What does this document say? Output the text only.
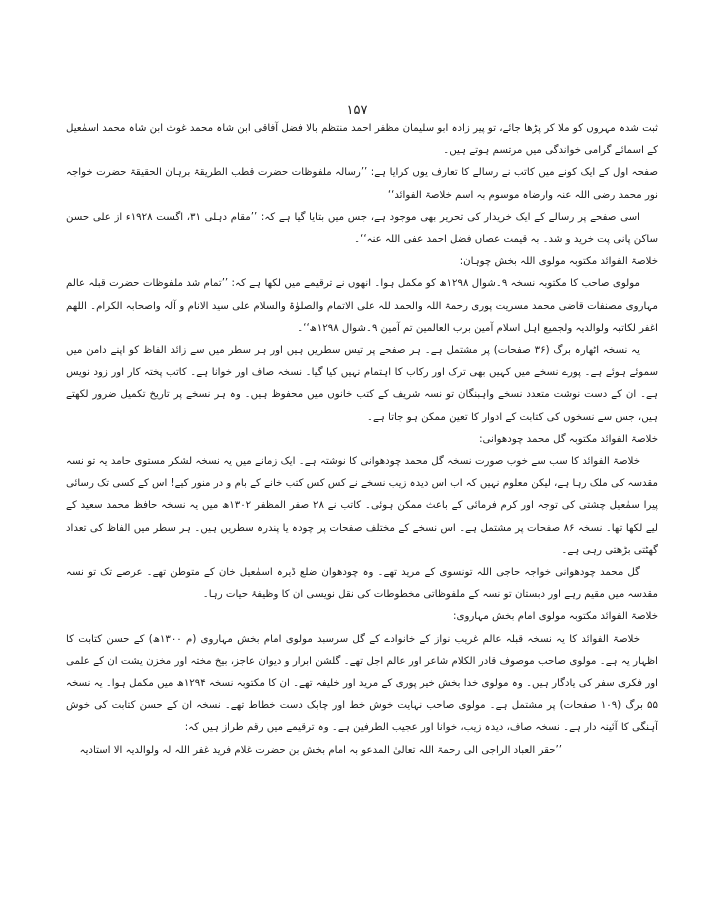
۱۵۷

ثبت شدہ مہروں کو ملا کر پڑھا جائے، تو پیر زادہ ابو سلیمان مظفر احمد منتظم بالا فضل آفاقی ابن شاہ محمد غوث ابن شاہ محمد اسمٰعیل کے اسمائے گرامی خواندگی میں مرتسم ہوتے ہیں۔

صفحہ اول کے ایک کونے میں کاتب نے رسالے کا تعارف یوں کرایا ہے: ’’رسالہ ملفوظات حضرت قطب الطریقۃ برہان الحقیقۃ حضرت خواجہ نور محمد رضی اللہ عنہ وارضاہ موسوم بہ اسم خلاصۃ الفوائد‘‘

اسی صفحے پر رسالے کے ایک خریدار کی تحریر بھی موجود ہے، جس میں بتایا گیا ہے کہ: ’’مقام دہلی ۳۱، اگست ۱۹۲۸ء از علی حسن ساکن پانی پت خرید و شد۔ بہ قیمت عصاں فضل احمد عفی اللہ عنہ‘‘۔

خلاصۃ الفوائد مکتوبہ مولوی اللہ بخش چوہان:

مولوی صاحب کا مکتوبہ نسخہ ۹۔شوال ۱۲۹۸ھ کو مکمل ہوا۔ انھوں نے ترقیمے میں لکھا ہے کہ: ’’تمام شد ملفوظات حضرت قبلہ عالم مہاروی مصنفات قاضی محمد مسریت پوری رحمۃ اللہ والحمد للہ علی الاتمام والصلوٰۃ والسلام علی سید الانام و آلہ واصحابہ الکرام۔ اللھم اغفر لکاتبہ ولوالدیہ ولجمیع اہل اسلام آمین برب العالمین تم آمین ۹۔شوال ۱۲۹۸ھ‘‘۔

یہ نسخہ اٹھارہ برگ (۳۶ صفحات) پر مشتمل ہے۔ ہر صفحے پر تیس سطریں ہیں اور ہر سطر میں سے زائد الفاظ کو اپنے دامن میں سموئے ہوئے ہے۔ پورے نسخے میں کہیں بھی ترک اور رکاب کا اہتمام نہیں کیا گیا۔ نسخہ صاف اور خوانا ہے۔ کاتب پختہ کار اور زود نویس ہے۔ ان کے دست نوشت متعدد نسخے واہبنگان تو نسہ شریف کے کتب خانوں میں محفوظ ہیں۔ وہ ہر نسخے پر تاریخ تکمیل ضرور لکھتے ہیں، جس سے نسخوں کی کتابت کے ادوار کا تعین ممکن ہو جاتا ہے۔

خلاصۃ الفوائد مکتوبہ گل محمد چودھوانی:

خلاصۃ الفوائد کا سب سے خوب صورت نسخہ گل محمد چودھوانی کا نوشتہ ہے۔ ایک زمانے میں یہ نسخہ لشکر مستوی حامد یہ تو نسہ مقدسہ کی ملک رہا ہے، لیکن معلوم نہیں کہ اب اس دیدہ زیب نسخے نے کس کس کتب خانے کے بام و در منور کیے! اس کے کسی تک رسائی پیرا سمٰعیل چشتی کی توجہ اور کرم فرمائی کے باعث ممکن ہوئی۔ کاتب نے ۲۸ صفر المظفر ۱۳۰۲ھ میں یہ نسخہ حافظ محمد سعید کے لیے لکھا تھا۔ نسخہ ۸۶ صفحات پر مشتمل ہے۔ اس نسخے کے مختلف صفحات پر چودہ یا پندرہ سطریں ہیں۔ ہر سطر میں الفاظ کی تعداد گھٹتی بڑھتی رہی ہے۔

گل محمد چودھوانی خواجہ حاجی اللہ تونسوی کے مرید تھے۔ وہ چودھوان ضلع ڈیرہ اسمٰعیل خان کے متوطن تھے۔ عرصے تک تو نسہ مقدسہ میں مقیم رہے اور دبستان تو نسہ کے ملفوظاتی مخطوطات کی نقل نویسی ان کا وظیفۂ حیات رہا۔

خلاصۃ الفوائد مکتوبہ مولوی امام بخش مہاروی:

خلاصۃ الفوائد کا یہ نسخہ قبلہ عالم غریب نواز کے خانوادے کے گل سرسبد مولوی امام بخش مہاروی (م ۱۳۰۰ھ) کے حسن کتابت کا اظہار یہ ہے۔ مولوی صاحب موصوف قادر الکلام شاعر اور عالم اجل تھے۔ گلشن ابرار و دیوان عاجز، بیخ مختہ اور مخزن یشت ان کے علمی اور فکری سفر کی یادگار ہیں۔ وہ مولوی خدا بخش خیر پوری کے مرید اور خلیفہ تھے۔ ان کا مکتوبہ نسخہ ۱۲۹۴ھ میں مکمل ہوا۔ یہ نسخہ ۵۵ برگ (۱۰۹ صفحات) پر مشتمل ہے۔ مولوی صاحب نہایت خوش خط اور چابک دست خطاط تھے۔ نسخہ ان کے حسن کتابت کی خوش آہنگی کا آئینہ دار ہے۔ نسخہ صاف، دیدہ زیب، خوانا اور عجیب الطرفین ہے۔ وہ ترقیمے میں رقم طراز ہیں کہ:

’’حقر العباد الراجی الی رحمۃ اللہ تعالیٰ المدعو بہ امام بخش بن حضرت غلام فرید غفر اللہ لہ ولوالدیہ الا استادیہ
